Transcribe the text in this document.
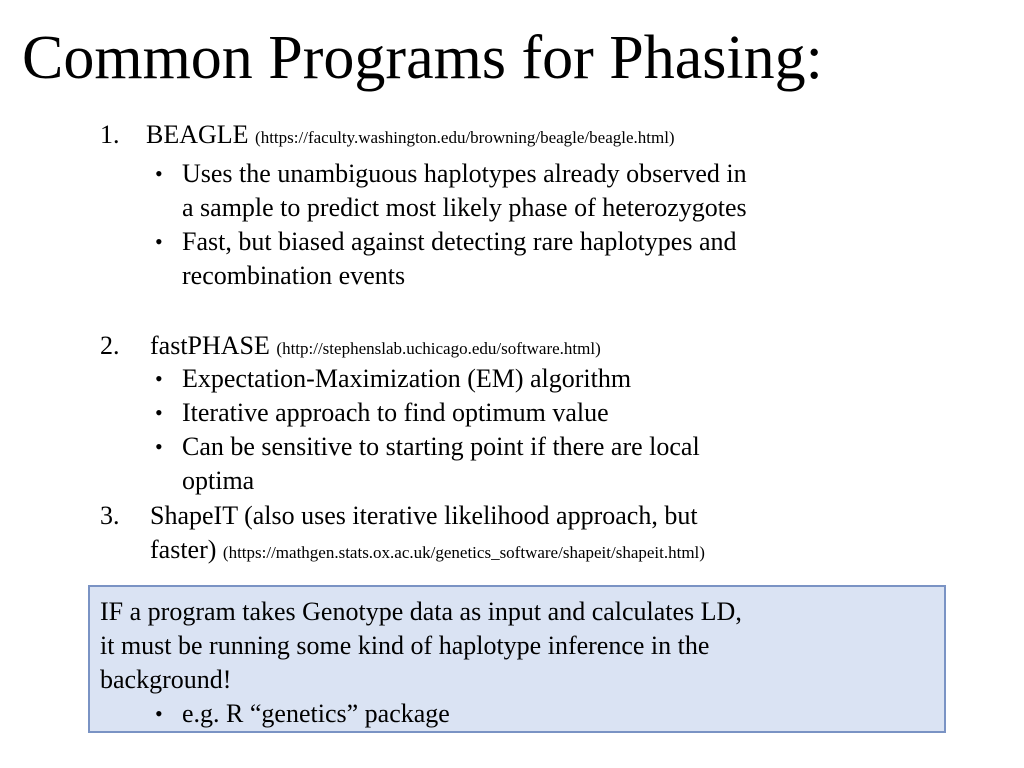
Common Programs for Phasing:
1. BEAGLE (https://faculty.washington.edu/browning/beagle/beagle.html)
• Uses the unambiguous haplotypes already observed in
a sample to predict most likely phase of heterozygotes
• Fast, but biased against detecting rare haplotypes and
recombination events
2. fastPHASE (http://stephenslab.uchicago.edu/software.html)
• Expectation-Maximization (EM) algorithm
• Iterative approach to find optimum value
• Can be sensitive to starting point if there are local
optima
3. ShapeIT (also uses iterative likelihood approach, but
faster) (https://mathgen.stats.ox.ac.uk/genetics_software/shapeit/shapeit.html)
IF a program takes Genotype data as input and calculates LD,
it must be running some kind of haplotype inference in the
background!
• e.g. R “genetics” package
